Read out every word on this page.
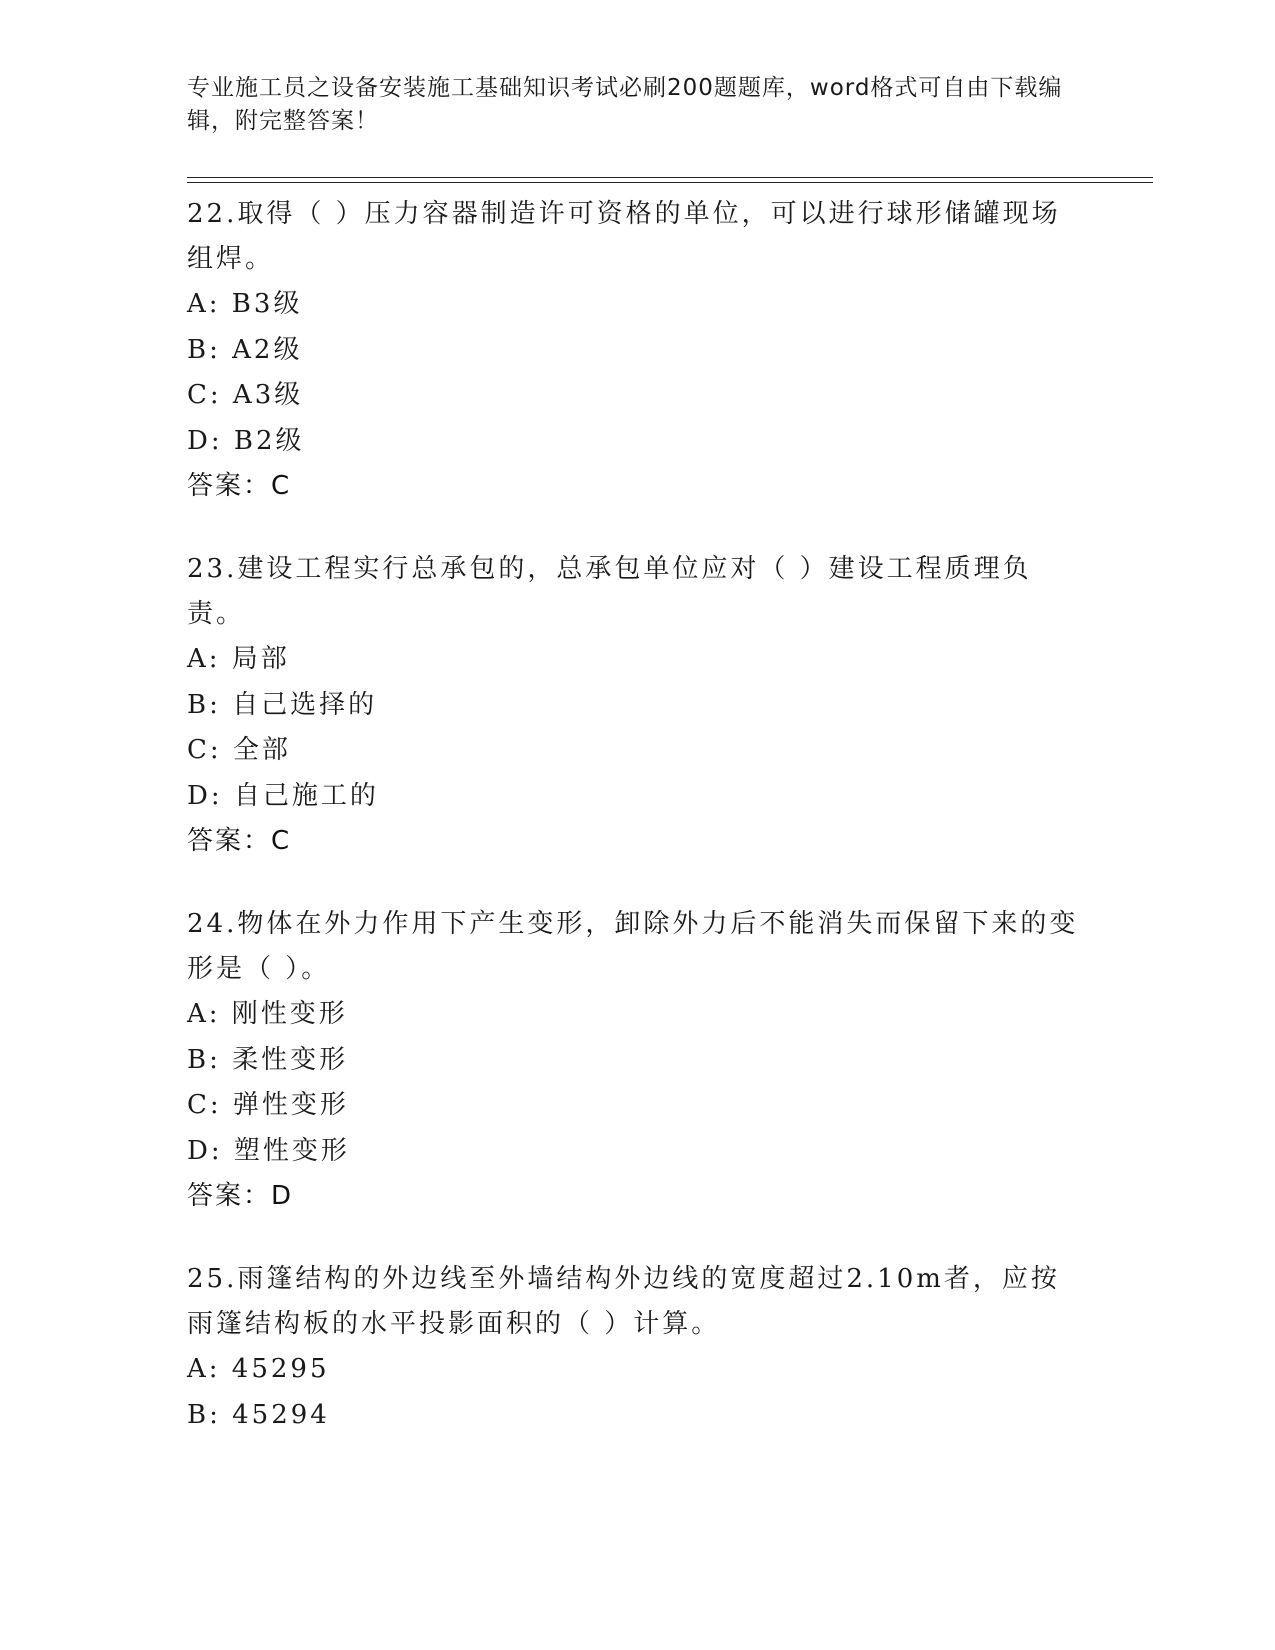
专业施工员之设备安装施工基础知识考试必刷200题题库，word格式可自由下载编辑，附完整答案！

22.取得（ ）压力容器制造许可资格的单位，可以进行球形储罐现场组焊。

A: B3级

B: A2级

C: A3级

D: B2级

答案：C

23.建设工程实行总承包的，总承包单位应对（ ）建设工程质理负责。

A: 局部

B: 自己选择的

C: 全部

D: 自己施工的

答案：C

24.物体在外力作用下产生变形，卸除外力后不能消失而保留下来的变形是（ ）。

A: 刚性变形

B: 柔性变形

C: 弹性变形

D: 塑性变形

答案：D

25.雨篷结构的外边线至外墙结构外边线的宽度超过2.10m者，应按雨篷结构板的水平投影面积的（ ）计算。

A: 45295

B: 45294
